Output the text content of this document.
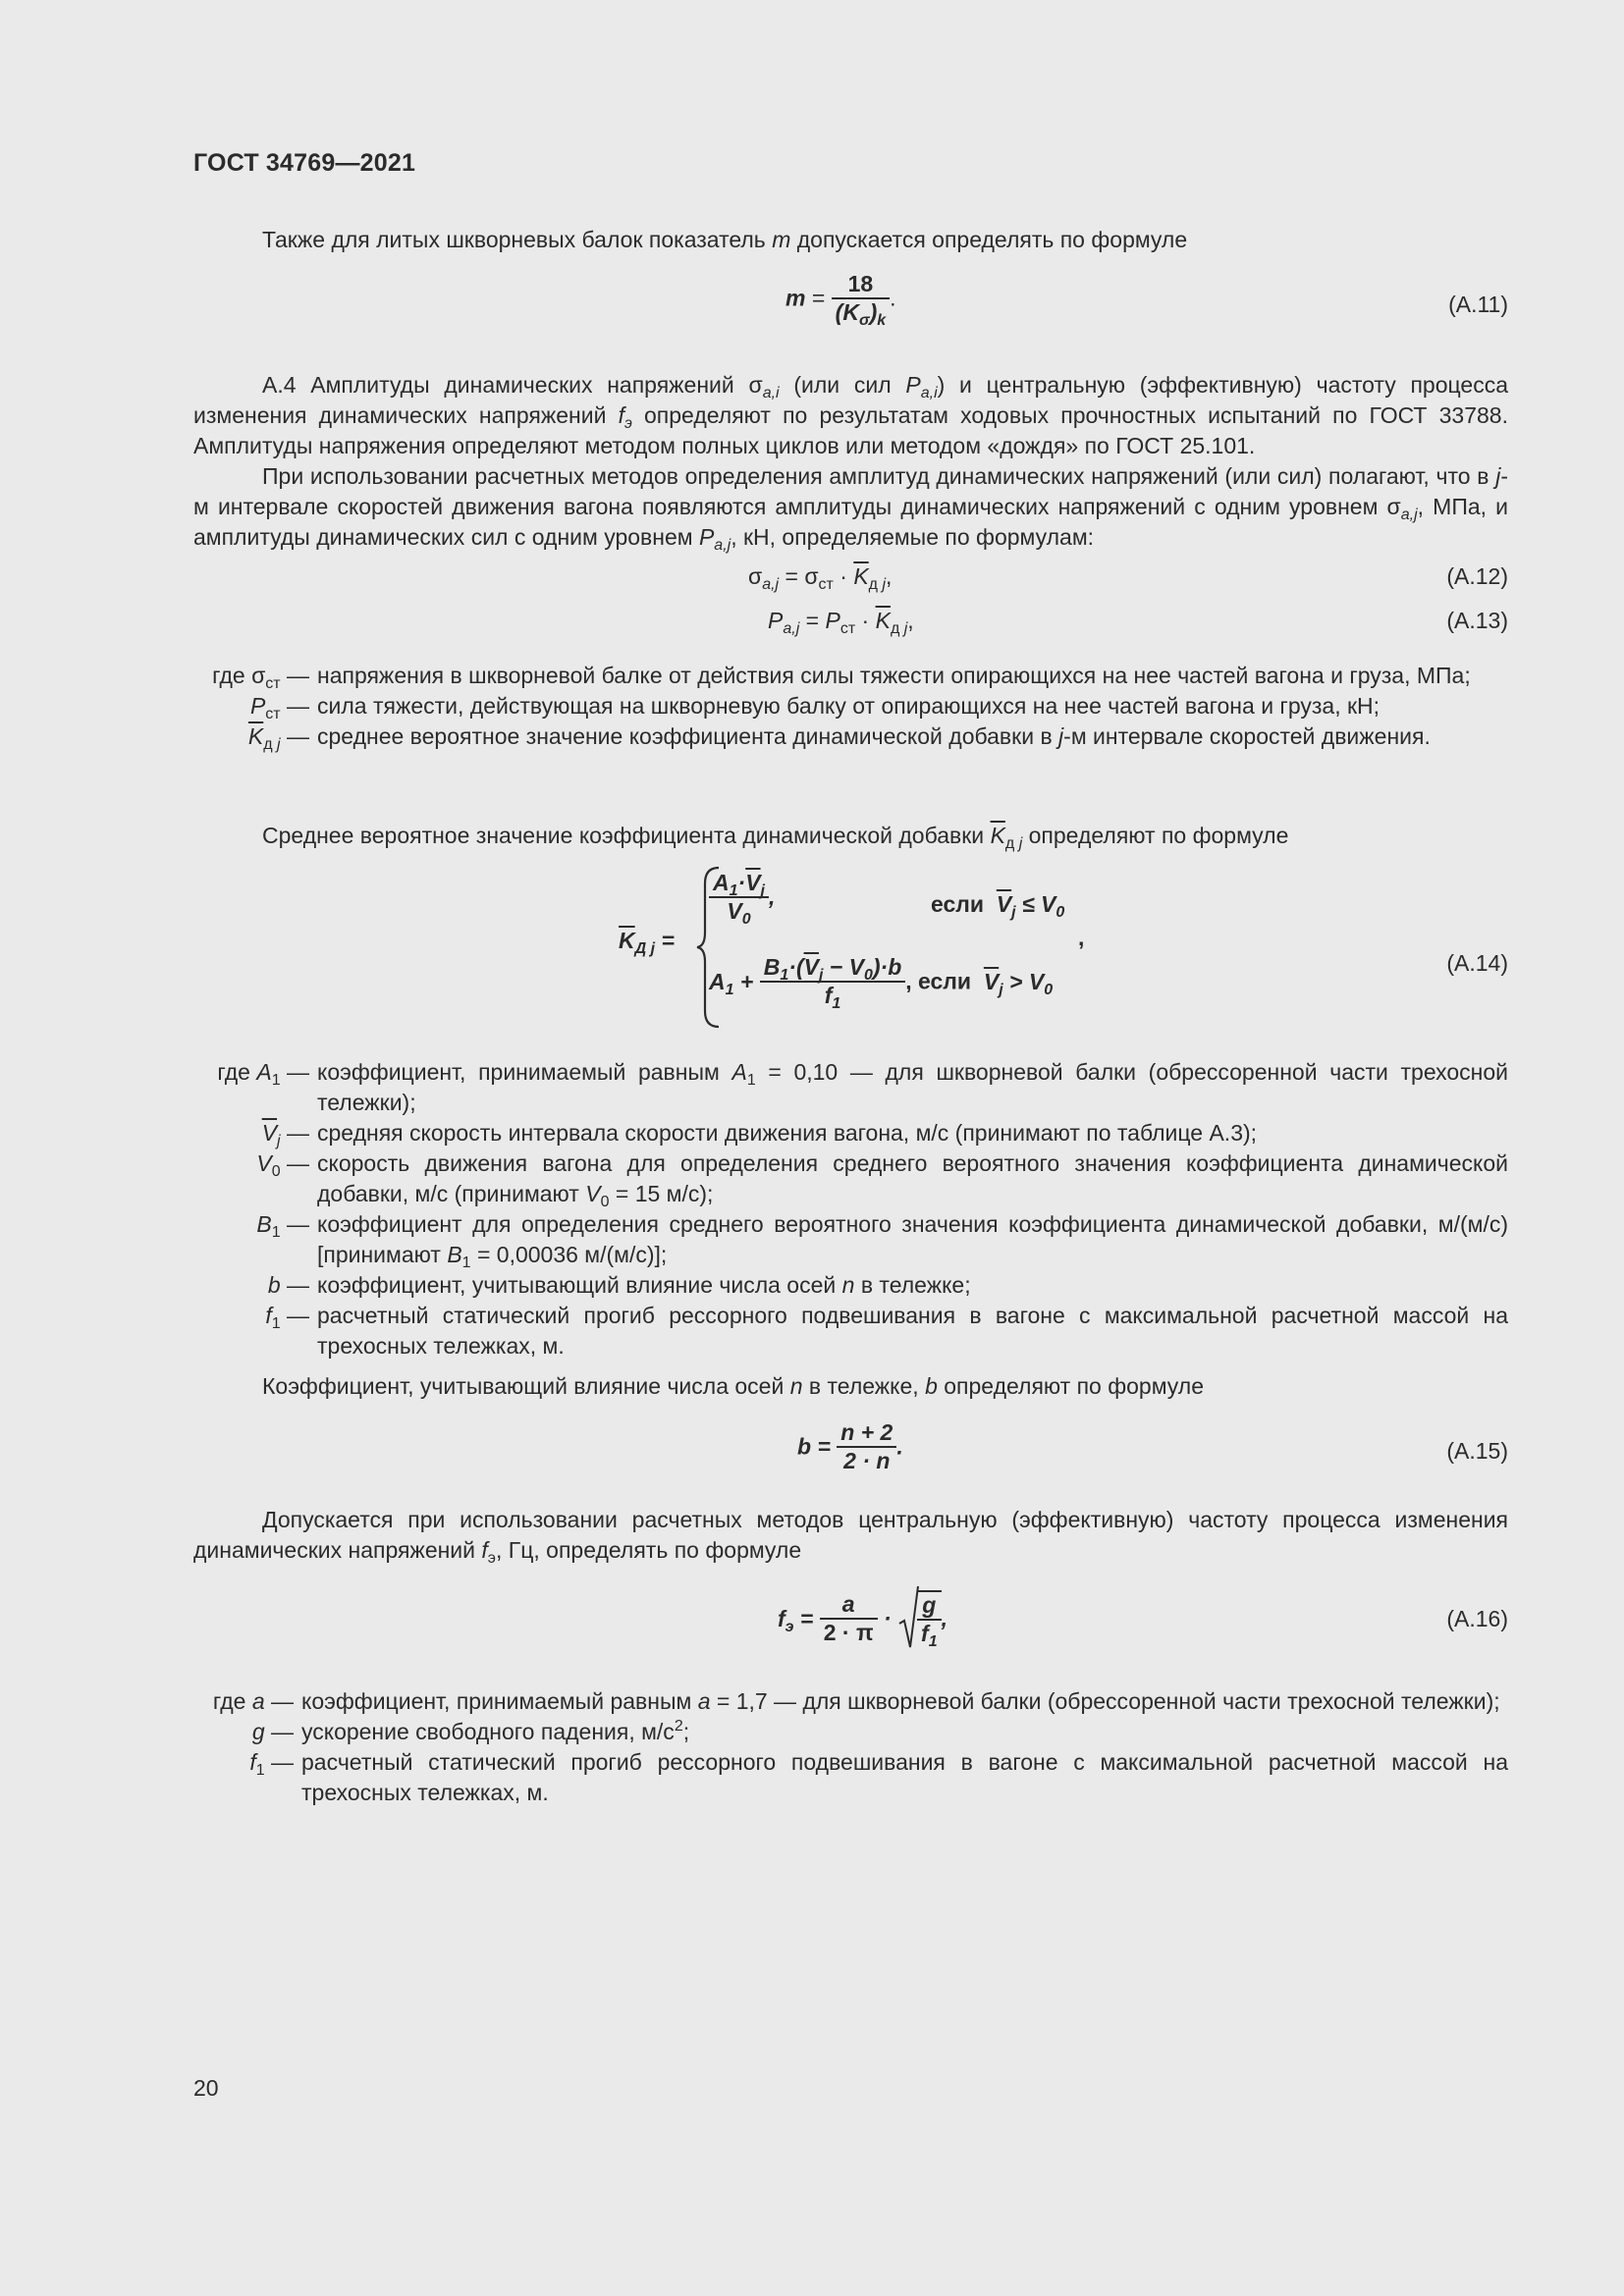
ГОСТ 34769—2021
Также для литых шкворневых балок показатель m допускается определять по формуле
$m = \frac{18}{(\overline{K}_\sigma)_k}$ .	(А.11)
А.4 Амплитуды динамических напряжений $\sigma_{a,i}$ (или сил $P_{a,i}$) и центральную (эффективную) частоту процесса изменения динамических напряжений $f_э$ определяют по результатам ходовых прочностных испытаний по ГОСТ 33788. Амплитуды напряжения определяют методом полных циклов или методом «дождя» по ГОСТ 25.101.
При использовании расчетных методов определения амплитуд динамических напряжений (или сил) полагают, что в j-м интервале скоростей движения вагона появляются амплитуды динамических напряжений с одним уровнем $\sigma_{a,j}$, МПа, и амплитуды динамических сил с одним уровнем $P_{a,j}$, кН, определяемые по формулам:
$\sigma_{a,j} = \sigma_{ст} \cdot \overline{K}_{д j}$,	(А.12)
$P_{a,j} = P_{ст} \cdot \overline{K}_{д j}$,	(А.13)
где $\sigma_{ст}$ — напряжения в шкворневой балке от действия силы тяжести опирающихся на нее частей вагона и груза, МПа;
$P_{ст}$ — сила тяжести, действующая на шкворневую балку от опирающихся на нее частей вагона и груза, кН;
$\overline{K}_{д j}$ — среднее вероятное значение коэффициента динамической добавки в j-м интервале скоростей движения.
Среднее вероятное значение коэффициента динамической добавки $\overline{K}_{д j}$ определяют по формуле
$\overline{K}_{Д j}$ =
$\frac{A_1\cdot\overline{V}_j}{V_0}$ ,	если $\overline{V}_j \le V_0$
$A_1 + \frac{B_1\cdot(\overline{V}_j - V_0)\cdot b}{f_1}$ , если $\overline{V}_j > V_0$
,
(А.14)
где $A_1$ — коэффициент, принимаемый равным $A_1 = 0,10$ — для шкворневой балки (обрессоренной части трехосной тележки);
$\overline{V}_j$ — средняя скорость интервала скорости движения вагона, м/с (принимают по таблице А.3);
$V_0$ — скорость движения вагона для определения среднего вероятного значения коэффициента динамической добавки, м/с (принимают $V_0 = 15$ м/с);
$B_1$ — коэффициент для определения среднего вероятного значения коэффициента динамической добавки, м/(м/с) [принимают $B_1 = 0,00036$ м/(м/с)];
b — коэффициент, учитывающий влияние числа осей n в тележке;
$f_1$ — расчетный статический прогиб рессорного подвешивания в вагоне с максимальной расчетной массой на трехосных тележках, м.
Коэффициент, учитывающий влияние числа осей n в тележке, b определяют по формуле
$b = \frac{n + 2}{2 \cdot n}$ .	(А.15)
Допускается при использовании расчетных методов центральную (эффективную) частоту процесса изменения динамических напряжений $f_э$, Гц, определять по формуле
$f_э = \frac{a}{2 \cdot \pi} \cdot \frac{g}{f_1}$ ,	(А.16)
где a — коэффициент, принимаемый равным a = 1,7 — для шкворневой балки (обрессоренной части трехосной тележки);
g — ускорение свободного падения, $м/с^2$;
$f_1$ — расчетный статический прогиб рессорного подвешивания в вагоне с максимальной расчетной массой на трехосных тележках, м.
20
